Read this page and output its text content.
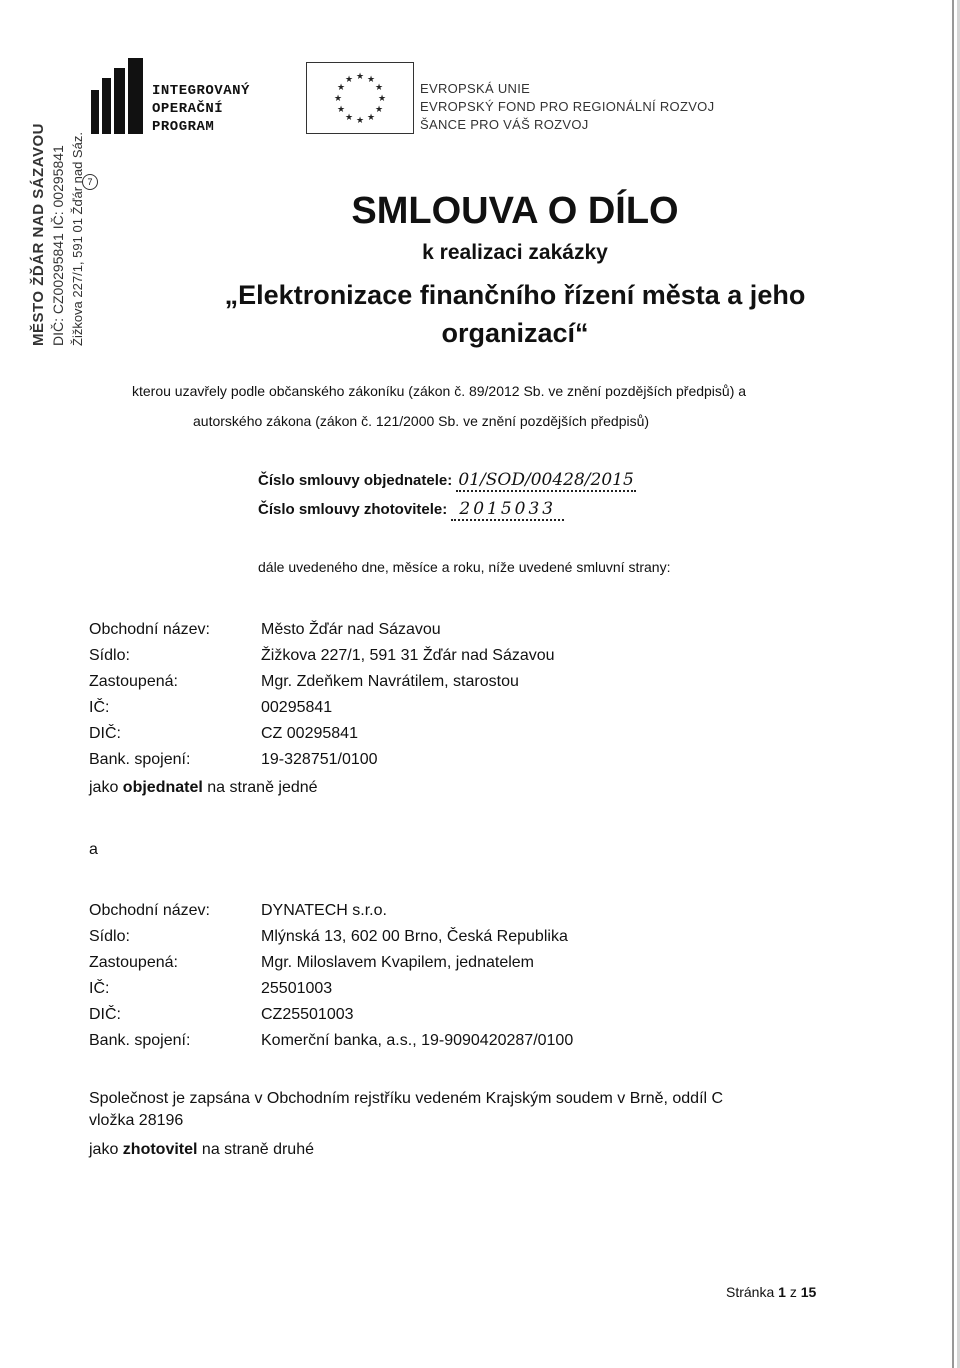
MĚSTO ŽĎÁR NAD SÁZAVOU DIČ: CZ00295841 IČ: 00295841 Žižkova 227/1, 591 01 Žďár nad Sáz. 7
INTEGROVANÝ
OPERAČNÍ
PROGRAM
★ ★
★
★
★
★
★
★
★
★
★
★
EVROPSKÁ UNIE
EVROPSKÝ FOND PRO REGIONÁLNÍ ROZVOJ
ŠANCE PRO VÁŠ ROZVOJ
SMLOUVA O DÍLO
k realizaci zakázky
„Elektronizace finančního řízení města a jeho
organizací“
kterou uzavřely podle občanského zákoníku (zákon č. 89/2012 Sb. ve znění pozdějších předpisů) a
autorského zákona (zákon č. 121/2000 Sb. ve znění pozdějších předpisů)
Číslo smlouvy objednatele: 01/SOD/00428/2015
Číslo smlouvy zhotovitele: 2015033
dále uvedeného dne, měsíce a roku, níže uvedené smluvní strany:
Obchodní název:	Město Žďár nad Sázavou
Sídlo:	Žižkova 227/1, 591 31 Žďár nad Sázavou
Zastoupená:	Mgr. Zdeňkem Navrátilem, starostou
IČ:	00295841
DIČ:	CZ 00295841
Bank. spojení:	19-328751/0100
jako objednatel na straně jedné
a
Obchodní název:	DYNATECH s.r.o.
Sídlo:	Mlýnská 13, 602 00 Brno, Česká Republika
Zastoupená:	Mgr. Miloslavem Kvapilem, jednatelem
IČ:	25501003
DIČ:	CZ25501003
Bank. spojení:	Komerční banka, a.s., 19-9090420287/0100
Společnost je zapsána v Obchodním rejstříku vedeném Krajským soudem v Brně, oddíl C
vložka 28196
jako zhotovitel na straně druhé
Stránka 1 z 15
